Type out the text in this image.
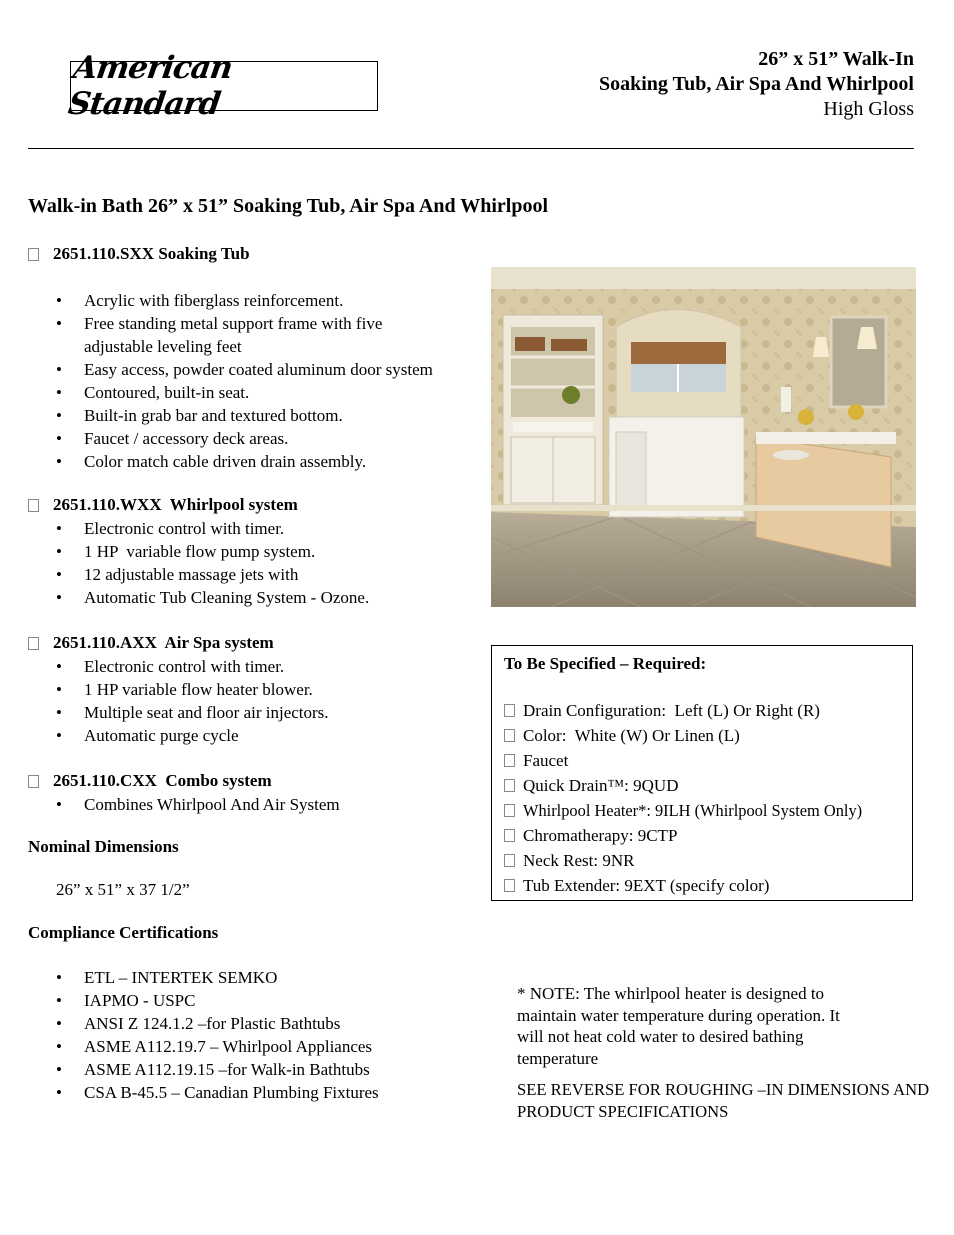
American Standard
26” x 51” Walk-In
Soaking Tub, Air Spa And Whirlpool
High Gloss
Walk-in Bath 26” x 51” Soaking Tub, Air Spa And Whirlpool
2651.110.SXX Soaking Tub
• Acrylic with fiberglass reinforcement.
• Free standing metal support frame with five adjustable leveling feet
• Easy access, powder coated aluminum door system
• Contoured, built-in seat.
• Built-in grab bar and textured bottom.
• Faucet / accessory deck areas.
• Color match cable driven drain assembly.
2651.110.WXX  Whirlpool system
• Electronic control with timer.
• 1 HP  variable flow pump system.
• 12 adjustable massage jets with
• Automatic Tub Cleaning System - Ozone.
2651.110.AXX  Air Spa system
• Electronic control with timer.
• 1 HP variable flow heater blower.
• Multiple seat and floor air injectors.
• Automatic purge cycle
2651.110.CXX  Combo system
• Combines Whirlpool And Air System
Nominal Dimensions
26” x 51” x 37 1/2”
Compliance Certifications
• ETL – INTERTEK SEMKO
• IAPMO - USPC
• ANSI Z 124.1.2 –for Plastic Bathtubs
• ASME A112.19.7 – Whirlpool Appliances
• ASME A112.19.15 –for Walk-in Bathtubs
• CSA B-45.5 – Canadian Plumbing Fixtures
To Be Specified – Required:
Drain Configuration:  Left (L) Or Right (R)
Color:  White (W) Or Linen (L)
Faucet
Quick Drain™: 9QUD
Whirlpool Heater*: 9ILH (Whirlpool System Only)
Chromatherapy: 9CTP
Neck Rest: 9NR
Tub Extender: 9EXT (specify color)
* NOTE: The whirlpool heater is designed to maintain water temperature during operation. It will not heat cold water to desired bathing temperature
SEE REVERSE FOR ROUGHING –IN DIMENSIONS AND PRODUCT SPECIFICATIONS
